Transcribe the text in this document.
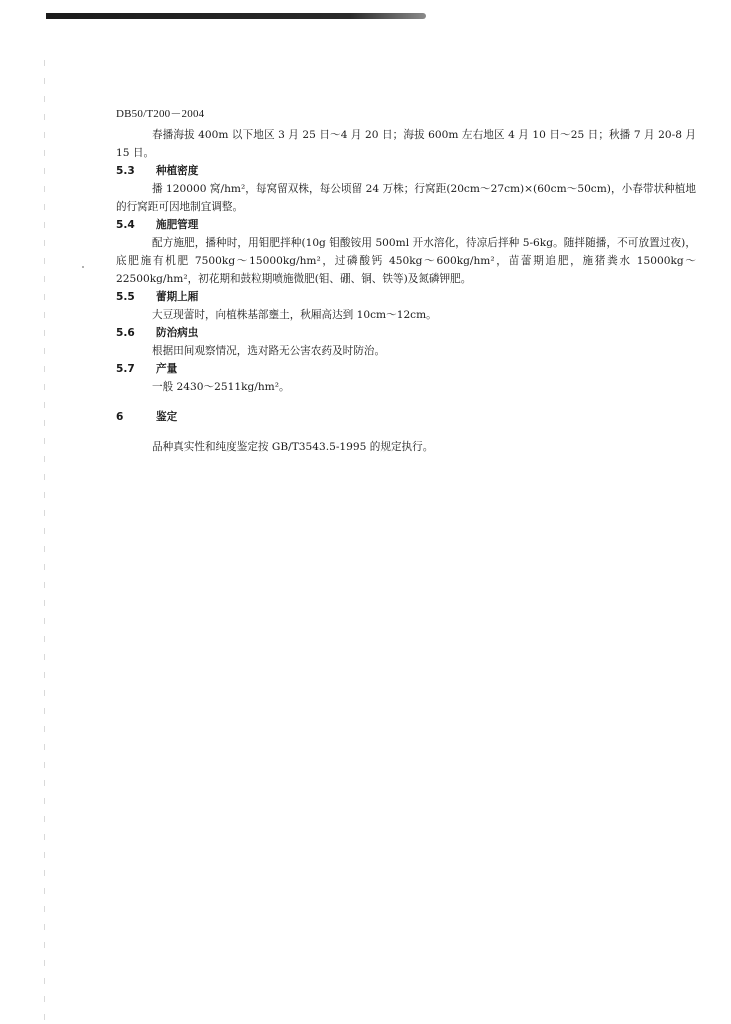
DB50/T200－2004

春播海拔 400m 以下地区 3 月 25 日～4 月 20 日；海拔 600m 左右地区 4 月 10 日～25 日；秋播 7 月 20-8 月 15 日。

5.3 种植密度

播 120000 窝/hm²，每窝留双株，每公顷留 24 万株；行窝距(20cm～27cm)×(60cm～50cm)，小春带状种植地的行窝距可因地制宜调整。

5.4 施肥管理

配方施肥，播种时，用钼肥拌种(10g 钼酸铵用 500ml 开水溶化，待凉后拌种 5-6kg。随拌随播，不可放置过夜)，底肥施有机肥 7500kg～15000kg/hm²，过磷酸钙 450kg～600kg/hm²，苗蕾期追肥，施猪粪水 15000kg～22500kg/hm²，初花期和鼓粒期喷施微肥(钼、硼、铜、铁等)及氮磷钾肥。

5.5 蕾期上厢

大豆现蕾时，向植株基部壅土，秋厢高达到 10cm～12cm。

5.6 防治病虫

根据田间观察情况，选对路无公害农药及时防治。

5.7 产量

一般 2430～2511kg/hm²。

6	鉴定

品种真实性和纯度鉴定按 GB/T3543.5-1995 的规定执行。
